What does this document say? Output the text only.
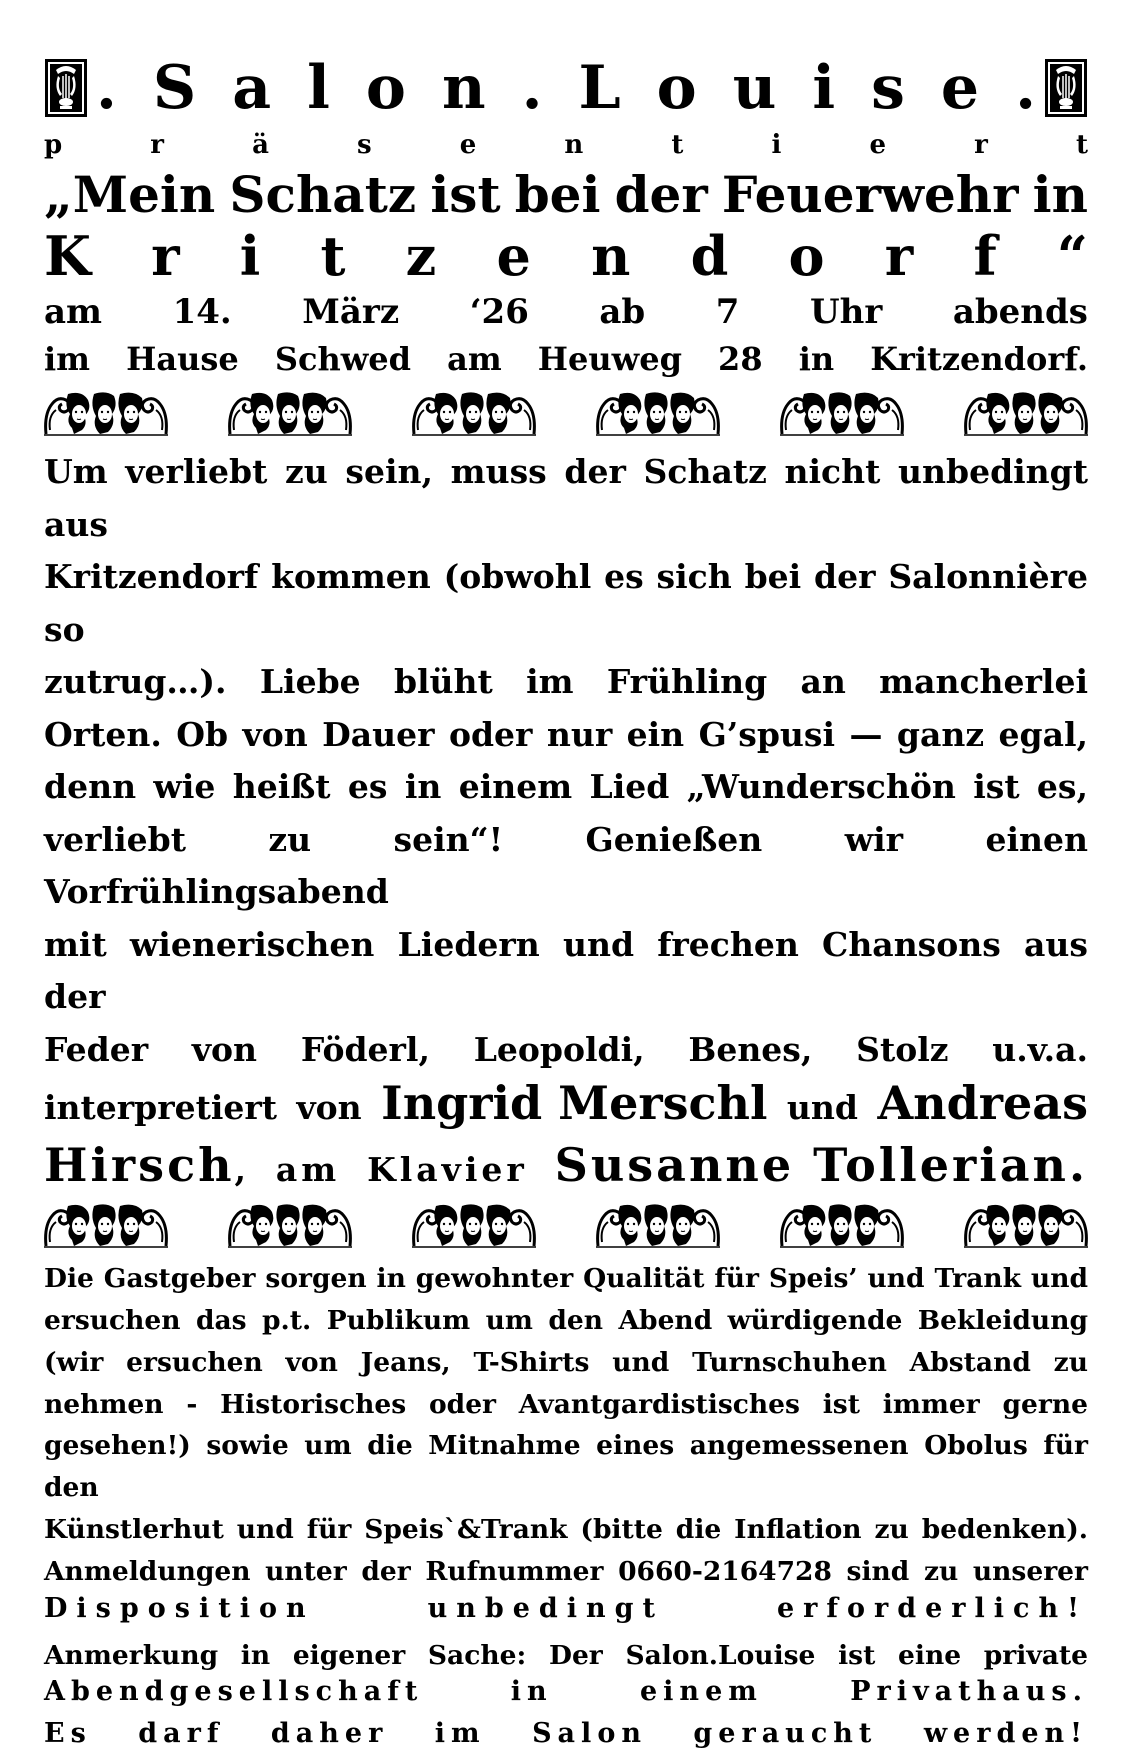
. S a l o n . L o u i s e .
p	r	ä	s	e	n	t	i	e	r	t
„Mein Schatz ist bei der Feuerwehr in
K r i t z e n d o r f “
am 14. März ‘26 ab 7 Uhr abends
im Hause Schwed am Heuweg 28 in Kritzendorf.
Um verliebt zu sein, muss der Schatz nicht unbedingt aus
Kritzendorf kommen (obwohl es sich bei der Salonnière so
zutrug…). Liebe blüht im Frühling an mancherlei
Orten. Ob von Dauer oder nur ein G’spusi — ganz egal,
denn wie heißt es in einem Lied „Wunderschön ist es,
verliebt zu sein“! Genießen wir einen Vorfrühlingsabend
mit wienerischen Liedern und frechen Chansons aus der
Feder von Föderl, Leopoldi, Benes, Stolz u.v.a.
interpretiert von Ingrid Merschl und Andreas
Hirsch, am Klavier Susanne Tollerian.
Die Gastgeber sorgen in gewohnter Qualität für Speis’ und Trank und
ersuchen das p.t. Publikum um den Abend würdigende Bekleidung
(wir ersuchen von Jeans, T-Shirts und Turnschuhen Abstand zu
nehmen - Historisches oder Avantgardistisches ist immer gerne
gesehen!) sowie um die Mitnahme eines angemessenen Obolus für den
Künstlerhut und für Speis`&Trank (bitte die Inflation zu bedenken).
Anmeldungen unter der Rufnummer 0660-2164728 sind zu unserer
Disposition	unbedingt	erforderlich!
Anmerkung in eigener Sache: Der Salon.Louise ist eine private
Abendgesellschaft	in	einem	Privathaus.
Es darf daher im Salon geraucht werden!
